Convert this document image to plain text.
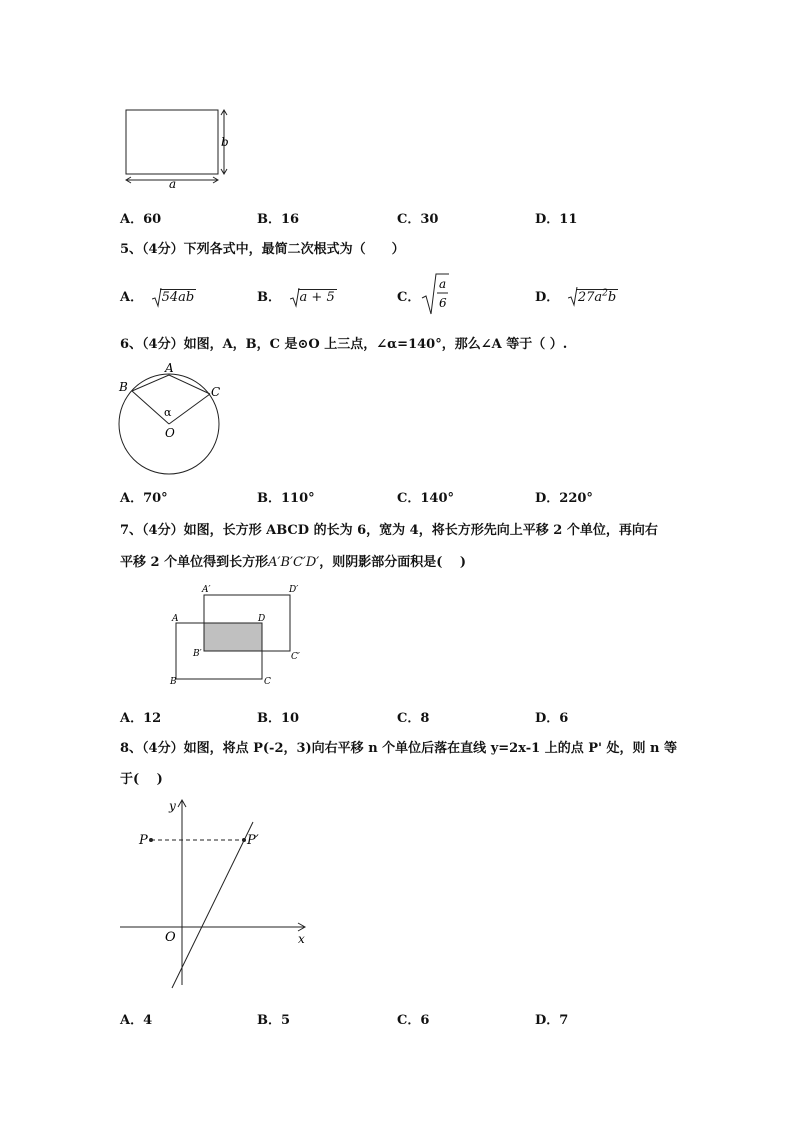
b
a
A．60	B．16	C．30	D．11
5、（4分）下列各式中，最简二次根式为（　　）
A． 54ab	B． a + 5	C．
a
6	D． $27a^2b$
6、（4分）如图，A，B，C 是⊙O 上三点，∠α=140°，那么∠A 等于（ ）.
A
B	C
α
O
A．70°	B．110°	C．140°	D．220°
7、（4分）如图，长方形 ABCD 的长为 6，宽为 4，将长方形先向上平移 2 个单位，再向右
平移 2 个单位得到长方形A′B′C′D′，则阴影部分面积是(　 )
A
B	C
D
A′
B′	C′
D′
A．12	B．10	C．8	D．6
8、（4分）如图，将点 P(-2，3)向右平移 n 个单位后落在直线 y=2x-1 上的点 P' 处，则 n 等
于(　 )
P	P′
O	x
y
A．4	B．5	C．6	D．7
